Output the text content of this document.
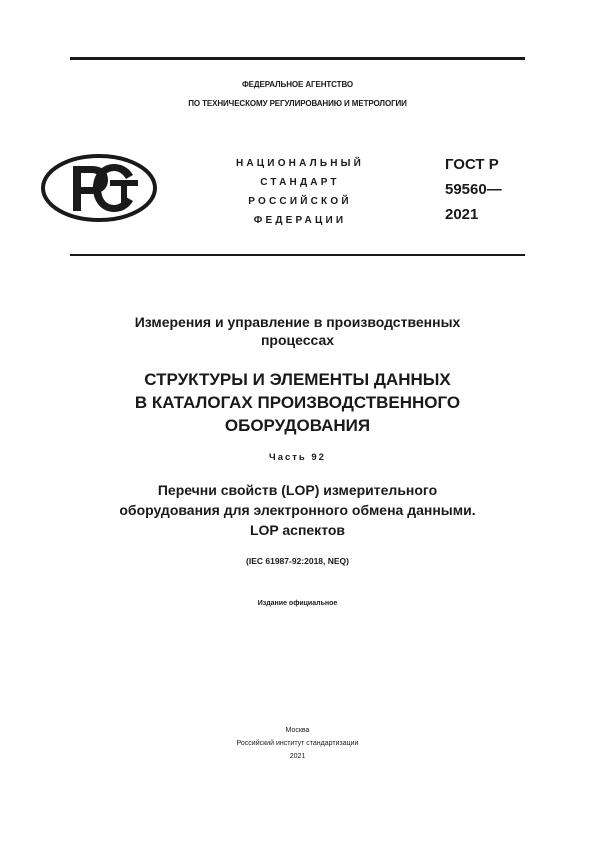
ФЕДЕРАЛЬНОЕ АГЕНТСТВО
ПО ТЕХНИЧЕСКОМУ РЕГУЛИРОВАНИЮ И МЕТРОЛОГИИ
НАЦИОНАЛЬНЫЙ
СТАНДАРТ
РОССИЙСКОЙ
ФЕДЕРАЦИИ
ГОСТ Р
59560—
2021
Измерения и управление в производственных
процессах
СТРУКТУРЫ И ЭЛЕМЕНТЫ ДАННЫХ
В КАТАЛОГАХ ПРОИЗВОДСТВЕННОГО
ОБОРУДОВАНИЯ
Часть 92
Перечни свойств (LOP) измерительного
оборудования для электронного обмена данными.
LOP аспектов
(IEC 61987-92:2018, NEQ)
Издание официальное
Москва
Российский институт стандартизации
2021
